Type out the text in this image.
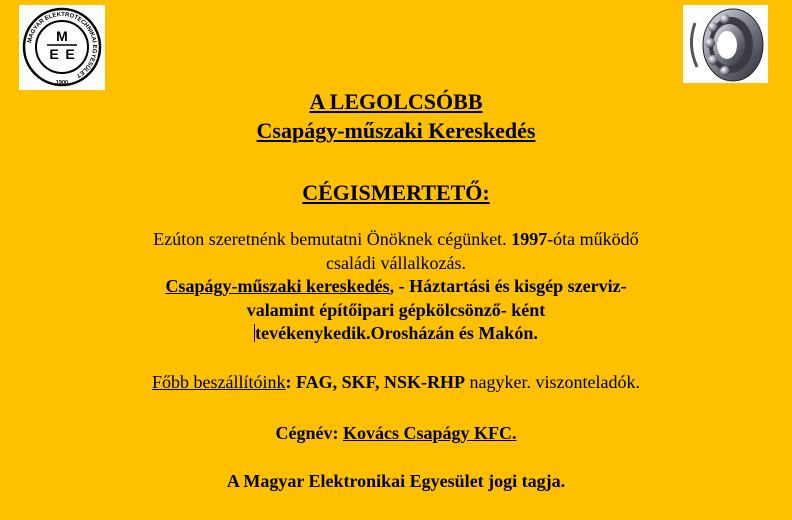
MAGYAR ELEKTROTECHNIKAI EGYESÜLET
M
E E
1900
A LEGOLCSÓBB
Csapágy-műszaki Kereskedés
CÉGISMERTETŐ:
Ezúton szeretnénk bemutatni Önöknek cégünket. 1997-óta működő
családi vállalkozás.
Csapágy-műszaki kereskedés, - Háztartási és kisgép szerviz-
valamint építőipari gépkölcsönző- ként
tevékenykedik.Orosházán és Makón.
Főbb beszállítóink: FAG, SKF, NSK-RHP nagyker. viszonteladók.
Cégnév: Kovács Csapágy KFC.
A Magyar Elektronikai Egyesület jogi tagja.
